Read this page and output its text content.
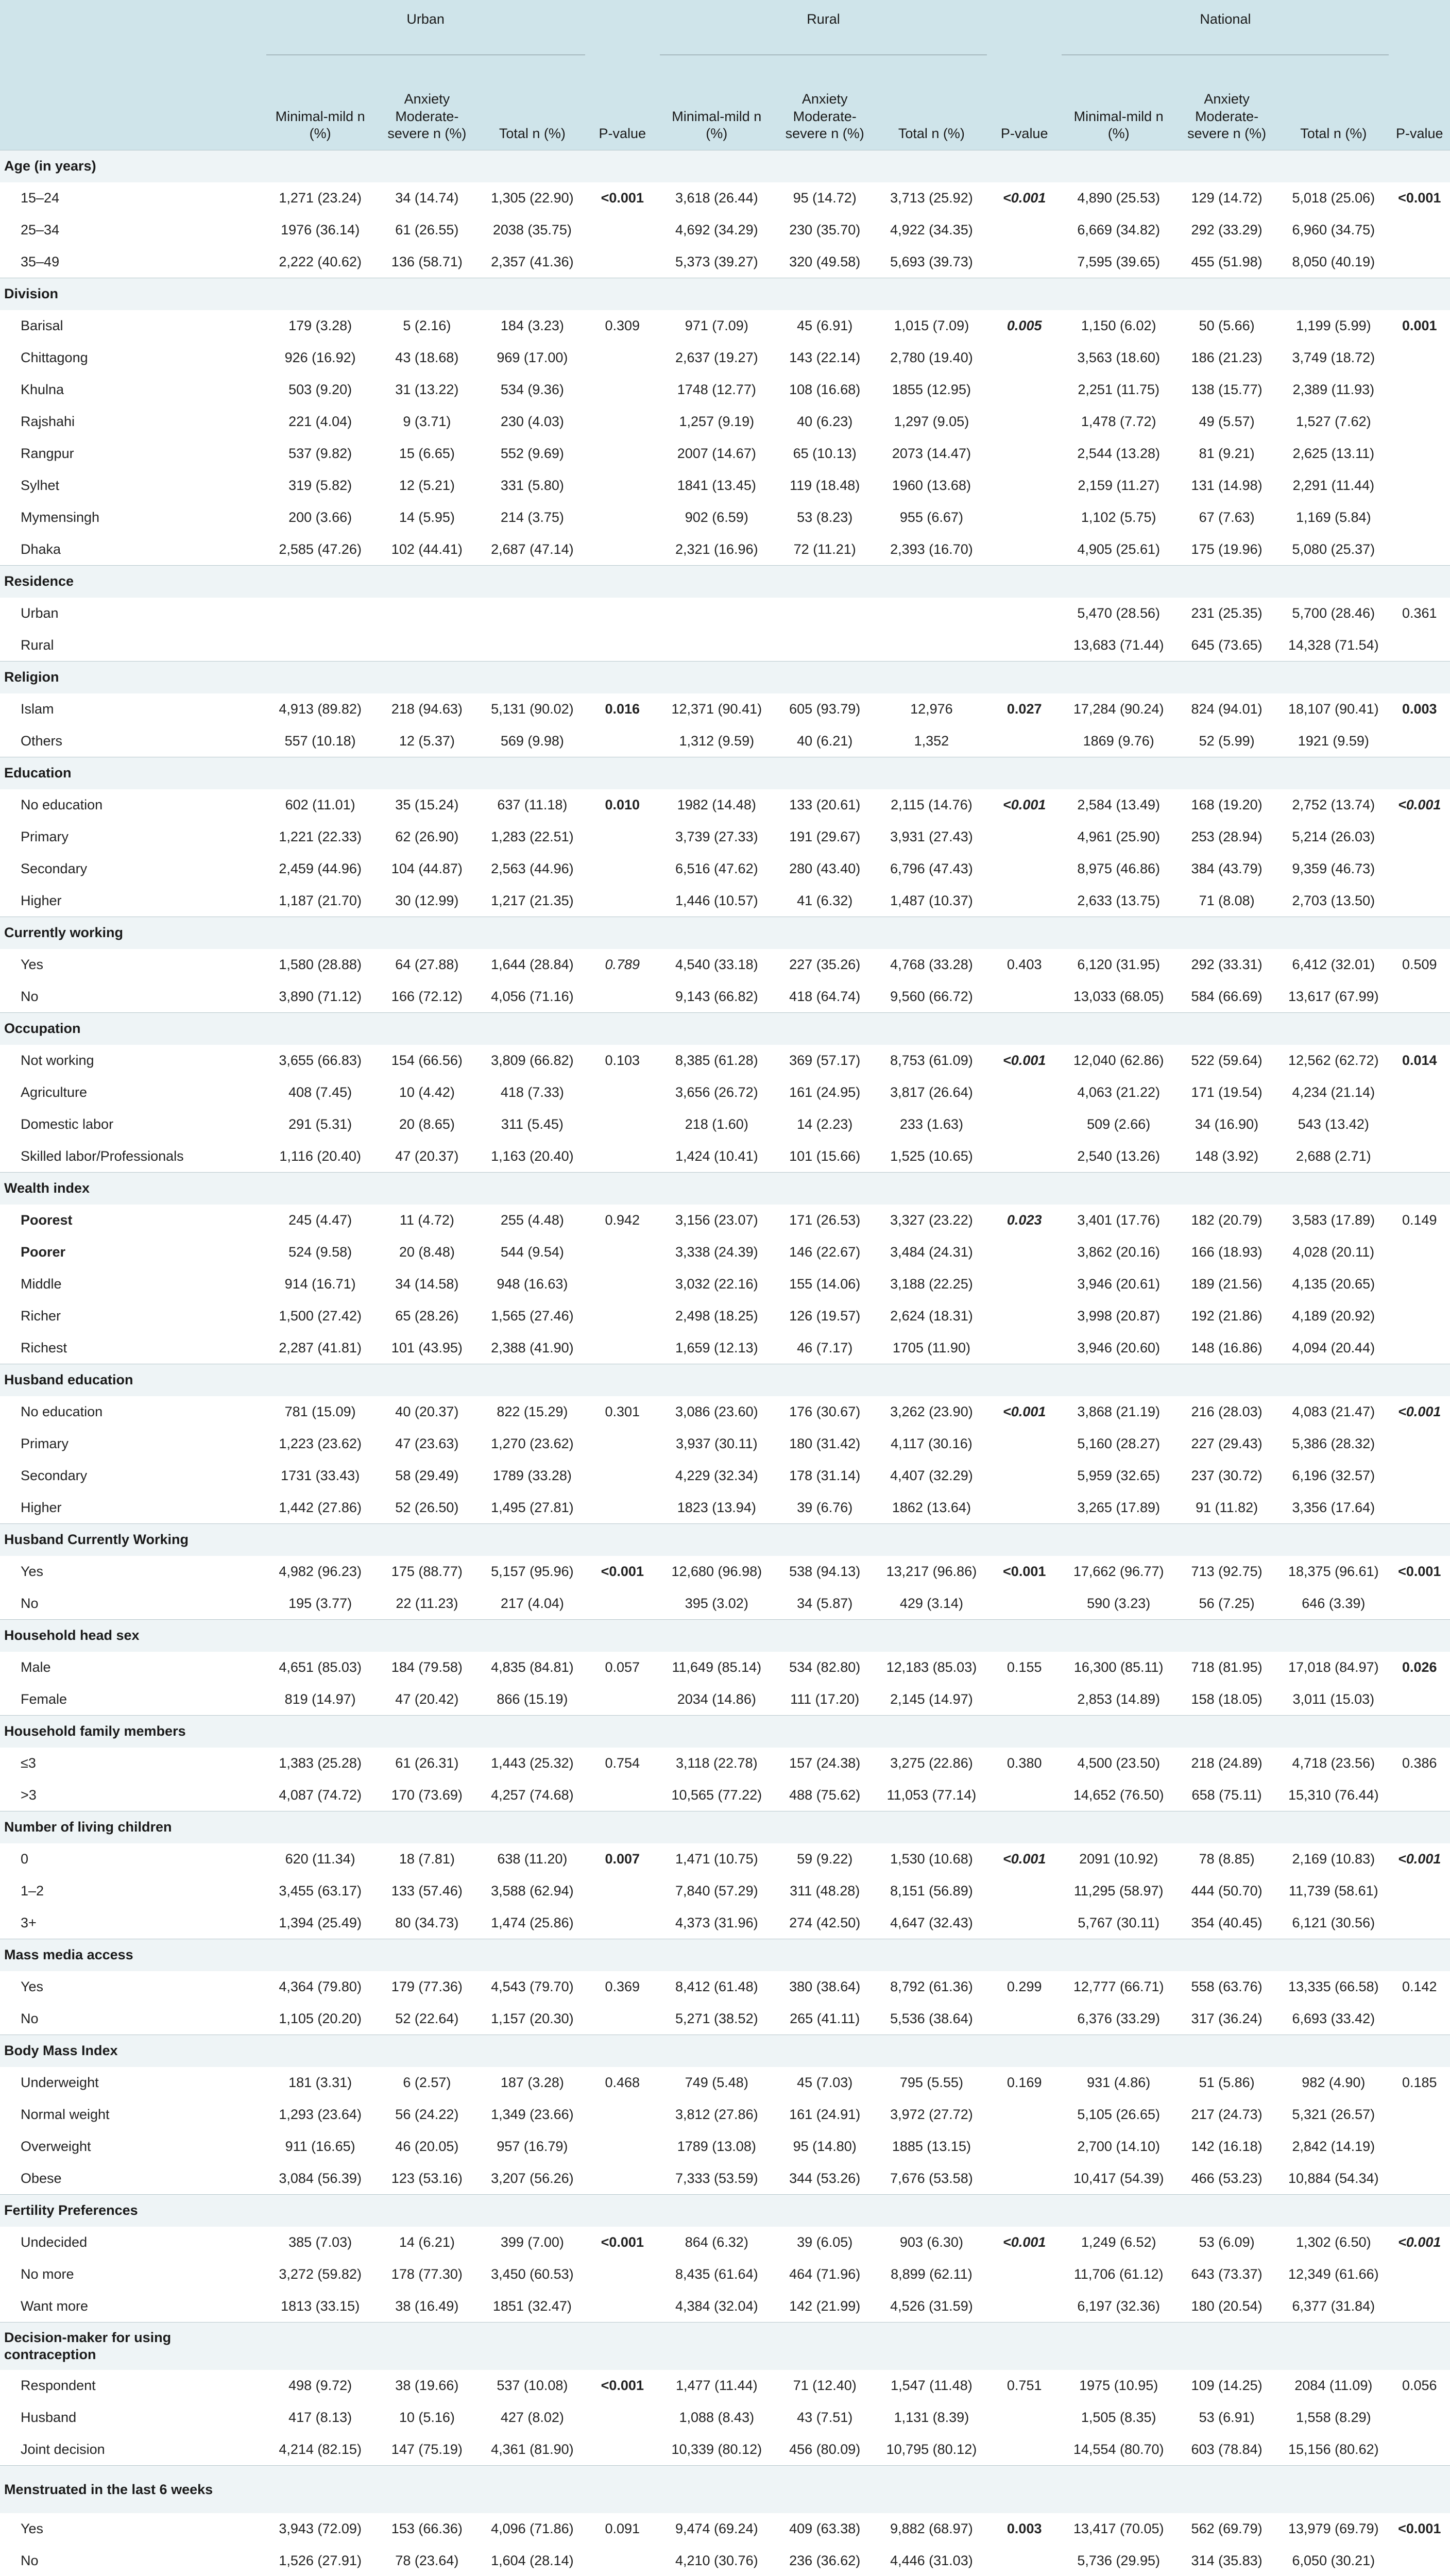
	Urban				Rural				National			
	Minimal-mild n (%)	Anxiety Moderate-severe n (%)	Total n (%)	P-value	Minimal-mild n (%)	Anxiety Moderate-severe n (%)	Total n (%)	P-value	Minimal-mild n (%)	Anxiety Moderate-severe n (%)	Total n (%)	P-value
Age (in years)												
15–24	1,271 (23.24)	34 (14.74)	1,305 (22.90)	<0.001	3,618 (26.44)	95 (14.72)	3,713 (25.92)	<0.001	4,890 (25.53)	129 (14.72)	5,018 (25.06)	<0.001
25–34	1976 (36.14)	61 (26.55)	2038 (35.75)		4,692 (34.29)	230 (35.70)	4,922 (34.35)		6,669 (34.82)	292 (33.29)	6,960 (34.75)	
35–49	2,222 (40.62)	136 (58.71)	2,357 (41.36)		5,373 (39.27)	320 (49.58)	5,693 (39.73)		7,595 (39.65)	455 (51.98)	8,050 (40.19)	
Division												
Barisal	179 (3.28)	5 (2.16)	184 (3.23)	0.309	971 (7.09)	45 (6.91)	1,015 (7.09)	0.005	1,150 (6.02)	50 (5.66)	1,199 (5.99)	0.001
Chittagong	926 (16.92)	43 (18.68)	969 (17.00)		2,637 (19.27)	143 (22.14)	2,780 (19.40)		3,563 (18.60)	186 (21.23)	3,749 (18.72)	
Khulna	503 (9.20)	31 (13.22)	534 (9.36)		1748 (12.77)	108 (16.68)	1855 (12.95)		2,251 (11.75)	138 (15.77)	2,389 (11.93)	
Rajshahi	221 (4.04)	9 (3.71)	230 (4.03)		1,257 (9.19)	40 (6.23)	1,297 (9.05)		1,478 (7.72)	49 (5.57)	1,527 (7.62)	
Rangpur	537 (9.82)	15 (6.65)	552 (9.69)		2007 (14.67)	65 (10.13)	2073 (14.47)		2,544 (13.28)	81 (9.21)	2,625 (13.11)	
Sylhet	319 (5.82)	12 (5.21)	331 (5.80)		1841 (13.45)	119 (18.48)	1960 (13.68)		2,159 (11.27)	131 (14.98)	2,291 (11.44)	
Mymensingh	200 (3.66)	14 (5.95)	214 (3.75)		902 (6.59)	53 (8.23)	955 (6.67)		1,102 (5.75)	67 (7.63)	1,169 (5.84)	
Dhaka	2,585 (47.26)	102 (44.41)	2,687 (47.14)		2,321 (16.96)	72 (11.21)	2,393 (16.70)		4,905 (25.61)	175 (19.96)	5,080 (25.37)	
Residence												
Urban									5,470 (28.56)	231 (25.35)	5,700 (28.46)	0.361
Rural									13,683 (71.44)	645 (73.65)	14,328 (71.54)	
Religion												
Islam	4,913 (89.82)	218 (94.63)	5,131 (90.02)	0.016	12,371 (90.41)	605 (93.79)	12,976	0.027	17,284 (90.24)	824 (94.01)	18,107 (90.41)	0.003
Others	557 (10.18)	12 (5.37)	569 (9.98)		1,312 (9.59)	40 (6.21)	1,352		1869 (9.76)	52 (5.99)	1921 (9.59)	
Education												
No education	602 (11.01)	35 (15.24)	637 (11.18)	0.010	1982 (14.48)	133 (20.61)	2,115 (14.76)	<0.001	2,584 (13.49)	168 (19.20)	2,752 (13.74)	<0.001
Primary	1,221 (22.33)	62 (26.90)	1,283 (22.51)		3,739 (27.33)	191 (29.67)	3,931 (27.43)		4,961 (25.90)	253 (28.94)	5,214 (26.03)	
Secondary	2,459 (44.96)	104 (44.87)	2,563 (44.96)		6,516 (47.62)	280 (43.40)	6,796 (47.43)		8,975 (46.86)	384 (43.79)	9,359 (46.73)	
Higher	1,187 (21.70)	30 (12.99)	1,217 (21.35)		1,446 (10.57)	41 (6.32)	1,487 (10.37)		2,633 (13.75)	71 (8.08)	2,703 (13.50)	
Currently working												
Yes	1,580 (28.88)	64 (27.88)	1,644 (28.84)	0.789	4,540 (33.18)	227 (35.26)	4,768 (33.28)	0.403	6,120 (31.95)	292 (33.31)	6,412 (32.01)	0.509
No	3,890 (71.12)	166 (72.12)	4,056 (71.16)		9,143 (66.82)	418 (64.74)	9,560 (66.72)		13,033 (68.05)	584 (66.69)	13,617 (67.99)	
Occupation												
Not working	3,655 (66.83)	154 (66.56)	3,809 (66.82)	0.103	8,385 (61.28)	369 (57.17)	8,753 (61.09)	<0.001	12,040 (62.86)	522 (59.64)	12,562 (62.72)	0.014
Agriculture	408 (7.45)	10 (4.42)	418 (7.33)		3,656 (26.72)	161 (24.95)	3,817 (26.64)		4,063 (21.22)	171 (19.54)	4,234 (21.14)	
Domestic labor	291 (5.31)	20 (8.65)	311 (5.45)		218 (1.60)	14 (2.23)	233 (1.63)		509 (2.66)	34 (16.90)	543 (13.42)	
Skilled labor/Professionals	1,116 (20.40)	47 (20.37)	1,163 (20.40)		1,424 (10.41)	101 (15.66)	1,525 (10.65)		2,540 (13.26)	148 (3.92)	2,688 (2.71)	
Wealth index												
Poorest	245 (4.47)	11 (4.72)	255 (4.48)	0.942	3,156 (23.07)	171 (26.53)	3,327 (23.22)	0.023	3,401 (17.76)	182 (20.79)	3,583 (17.89)	0.149
Poorer	524 (9.58)	20 (8.48)	544 (9.54)		3,338 (24.39)	146 (22.67)	3,484 (24.31)		3,862 (20.16)	166 (18.93)	4,028 (20.11)	
Middle	914 (16.71)	34 (14.58)	948 (16.63)		3,032 (22.16)	155 (14.06)	3,188 (22.25)		3,946 (20.61)	189 (21.56)	4,135 (20.65)	
Richer	1,500 (27.42)	65 (28.26)	1,565 (27.46)		2,498 (18.25)	126 (19.57)	2,624 (18.31)		3,998 (20.87)	192 (21.86)	4,189 (20.92)	
Richest	2,287 (41.81)	101 (43.95)	2,388 (41.90)		1,659 (12.13)	46 (7.17)	1705 (11.90)		3,946 (20.60)	148 (16.86)	4,094 (20.44)	
Husband education												
No education	781 (15.09)	40 (20.37)	822 (15.29)	0.301	3,086 (23.60)	176 (30.67)	3,262 (23.90)	<0.001	3,868 (21.19)	216 (28.03)	4,083 (21.47)	<0.001
Primary	1,223 (23.62)	47 (23.63)	1,270 (23.62)		3,937 (30.11)	180 (31.42)	4,117 (30.16)		5,160 (28.27)	227 (29.43)	5,386 (28.32)	
Secondary	1731 (33.43)	58 (29.49)	1789 (33.28)		4,229 (32.34)	178 (31.14)	4,407 (32.29)		5,959 (32.65)	237 (30.72)	6,196 (32.57)	
Higher	1,442 (27.86)	52 (26.50)	1,495 (27.81)		1823 (13.94)	39 (6.76)	1862 (13.64)		3,265 (17.89)	91 (11.82)	3,356 (17.64)	
Husband Currently Working												
Yes	4,982 (96.23)	175 (88.77)	5,157 (95.96)	<0.001	12,680 (96.98)	538 (94.13)	13,217 (96.86)	<0.001	17,662 (96.77)	713 (92.75)	18,375 (96.61)	<0.001
No	195 (3.77)	22 (11.23)	217 (4.04)		395 (3.02)	34 (5.87)	429 (3.14)		590 (3.23)	56 (7.25)	646 (3.39)	
Household head sex												
Male	4,651 (85.03)	184 (79.58)	4,835 (84.81)	0.057	11,649 (85.14)	534 (82.80)	12,183 (85.03)	0.155	16,300 (85.11)	718 (81.95)	17,018 (84.97)	0.026
Female	819 (14.97)	47 (20.42)	866 (15.19)		2034 (14.86)	111 (17.20)	2,145 (14.97)		2,853 (14.89)	158 (18.05)	3,011 (15.03)	
Household family members												
≤3	1,383 (25.28)	61 (26.31)	1,443 (25.32)	0.754	3,118 (22.78)	157 (24.38)	3,275 (22.86)	0.380	4,500 (23.50)	218 (24.89)	4,718 (23.56)	0.386
>3	4,087 (74.72)	170 (73.69)	4,257 (74.68)		10,565 (77.22)	488 (75.62)	11,053 (77.14)		14,652 (76.50)	658 (75.11)	15,310 (76.44)	
Number of living children												
0	620 (11.34)	18 (7.81)	638 (11.20)	0.007	1,471 (10.75)	59 (9.22)	1,530 (10.68)	<0.001	2091 (10.92)	78 (8.85)	2,169 (10.83)	<0.001
1–2	3,455 (63.17)	133 (57.46)	3,588 (62.94)		7,840 (57.29)	311 (48.28)	8,151 (56.89)		11,295 (58.97)	444 (50.70)	11,739 (58.61)	
3+	1,394 (25.49)	80 (34.73)	1,474 (25.86)		4,373 (31.96)	274 (42.50)	4,647 (32.43)		5,767 (30.11)	354 (40.45)	6,121 (30.56)	
Mass media access												
Yes	4,364 (79.80)	179 (77.36)	4,543 (79.70)	0.369	8,412 (61.48)	380 (38.64)	8,792 (61.36)	0.299	12,777 (66.71)	558 (63.76)	13,335 (66.58)	0.142
No	1,105 (20.20)	52 (22.64)	1,157 (20.30)		5,271 (38.52)	265 (41.11)	5,536 (38.64)		6,376 (33.29)	317 (36.24)	6,693 (33.42)	
Body Mass Index												
Underweight	181 (3.31)	6 (2.57)	187 (3.28)	0.468	749 (5.48)	45 (7.03)	795 (5.55)	0.169	931 (4.86)	51 (5.86)	982 (4.90)	0.185
Normal weight	1,293 (23.64)	56 (24.22)	1,349 (23.66)		3,812 (27.86)	161 (24.91)	3,972 (27.72)		5,105 (26.65)	217 (24.73)	5,321 (26.57)	
Overweight	911 (16.65)	46 (20.05)	957 (16.79)		1789 (13.08)	95 (14.80)	1885 (13.15)		2,700 (14.10)	142 (16.18)	2,842 (14.19)	
Obese	3,084 (56.39)	123 (53.16)	3,207 (56.26)		7,333 (53.59)	344 (53.26)	7,676 (53.58)		10,417 (54.39)	466 (53.23)	10,884 (54.34)	
Fertility Preferences												
Undecided	385 (7.03)	14 (6.21)	399 (7.00)	<0.001	864 (6.32)	39 (6.05)	903 (6.30)	<0.001	1,249 (6.52)	53 (6.09)	1,302 (6.50)	<0.001
No more	3,272 (59.82)	178 (77.30)	3,450 (60.53)		8,435 (61.64)	464 (71.96)	8,899 (62.11)		11,706 (61.12)	643 (73.37)	12,349 (61.66)	
Want more	1813 (33.15)	38 (16.49)	1851 (32.47)		4,384 (32.04)	142 (21.99)	4,526 (31.59)		6,197 (32.36)	180 (20.54)	6,377 (31.84)	
Decision-maker for using contraception												
Respondent	498 (9.72)	38 (19.66)	537 (10.08)	<0.001	1,477 (11.44)	71 (12.40)	1,547 (11.48)	0.751	1975 (10.95)	109 (14.25)	2084 (11.09)	0.056
Husband	417 (8.13)	10 (5.16)	427 (8.02)		1,088 (8.43)	43 (7.51)	1,131 (8.39)		1,505 (8.35)	53 (6.91)	1,558 (8.29)	
Joint decision	4,214 (82.15)	147 (75.19)	4,361 (81.90)		10,339 (80.12)	456 (80.09)	10,795 (80.12)		14,554 (80.70)	603 (78.84)	15,156 (80.62)	
Menstruated in the last 6 weeks												
Yes	3,943 (72.09)	153 (66.36)	4,096 (71.86)	0.091	9,474 (69.24)	409 (63.38)	9,882 (68.97)	0.003	13,417 (70.05)	562 (69.79)	13,979 (69.79)	<0.001
No	1,526 (27.91)	78 (23.64)	1,604 (28.14)		4,210 (30.76)	236 (36.62)	4,446 (31.03)		5,736 (29.95)	314 (35.83)	6,050 (30.21)	
